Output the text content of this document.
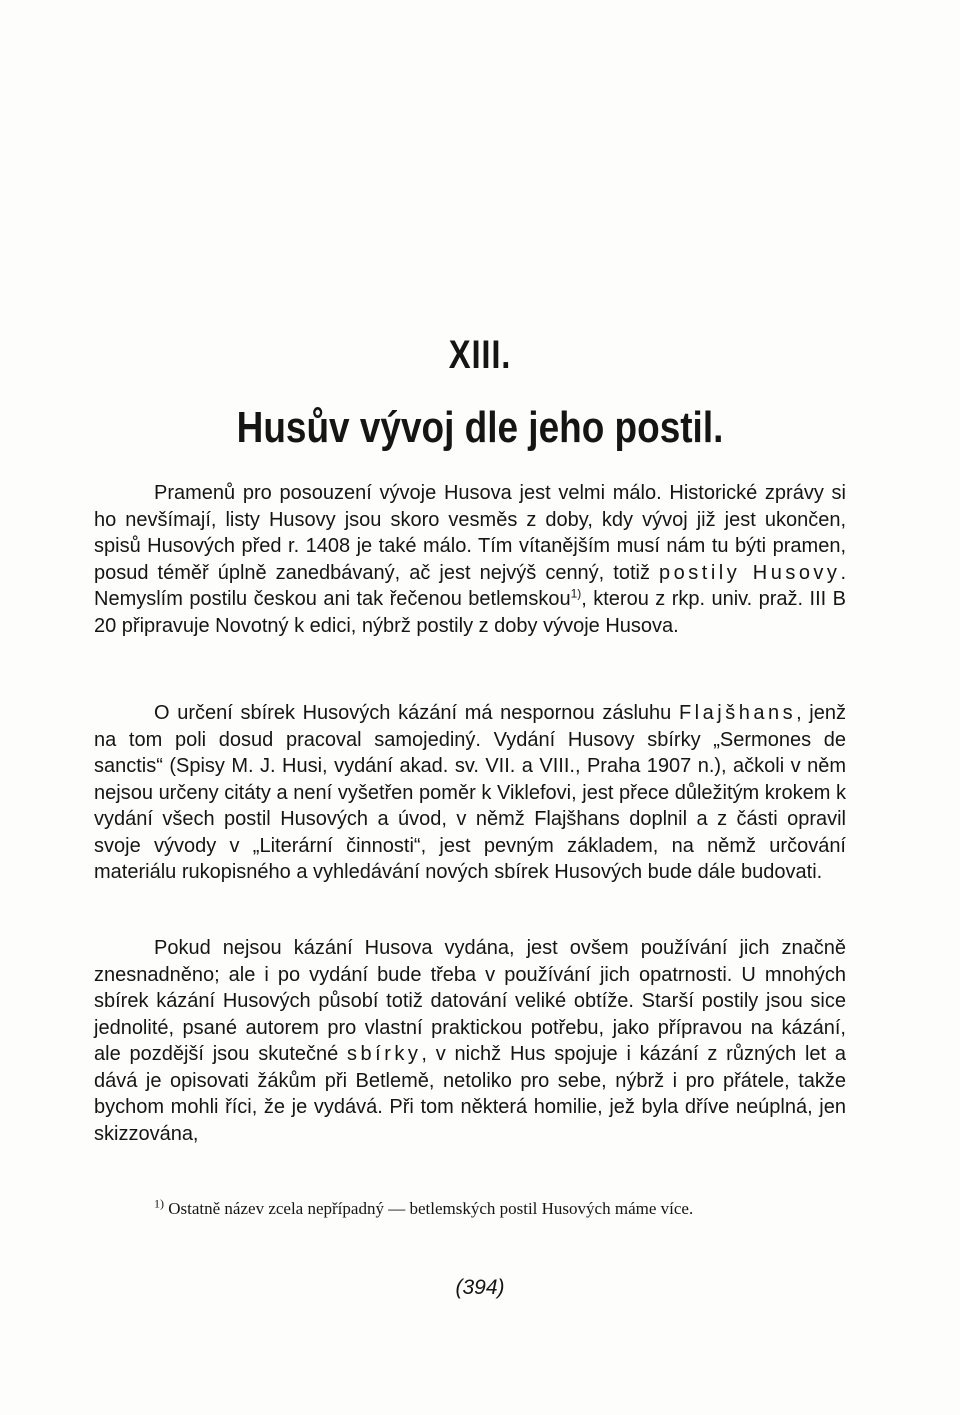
XIII.
Husův vývoj dle jeho postil.
Pramenů pro posouzení vývoje Husova jest velmi málo. Historické zprávy si ho nevšímají, listy Husovy jsou skoro vesměs z doby, kdy vývoj již jest ukončen, spisů Husových před r. 1408 je také málo. Tím vítanějším musí nám tu býti pramen, posud téměř úplně zanedbávaný, ač jest nejvýš cenný, totiž postily Husovy. Nemyslím postilu českou ani tak řečenou betlemskou$^{1)}$, kterou z rkp. univ. praž. III B 20 připravuje Novotný k edici, nýbrž postily z doby vývoje Husova.
O určení sbírek Husových kázání má nespornou zásluhu Flajšhans, jenž na tom poli dosud pracoval samojediný. Vydání Husovy sbírky „Sermones de sanctis“ (Spisy M. J. Husi, vydání akad. sv. VII. a VIII., Praha 1907 n.), ačkoli v něm nejsou určeny citáty a není vyšetřen poměr k Viklefovi, jest přece důležitým krokem k vydání všech postil Husových a úvod, v němž Flajšhans doplnil a z části opravil svoje vývody v „Literární činnosti“, jest pevným základem, na němž určování materiálu rukopisného a vyhledávání nových sbírek Husových bude dále budovati.
Pokud nejsou kázání Husova vydána, jest ovšem používání jich značně znesnadněno; ale i po vydání bude třeba v používání jich opatrnosti. U mnohých sbírek kázání Husových působí totiž datování veliké obtíže. Starší postily jsou sice jednolité, psané autorem pro vlastní praktickou potřebu, jako přípravou na kázání, ale pozdější jsou skutečné sbírky, v nichž Hus spojuje i kázání z různých let a dává je opisovati žákům při Betlemě, netoliko pro sebe, nýbrž i pro přátele, takže bychom mohli říci, že je vydává. Při tom některá homilie, jež byla dříve neúplná, jen skizzována,
$^{1)}$ Ostatně název zcela nepřípadný — betlemských postil Husových máme více.
(394)
